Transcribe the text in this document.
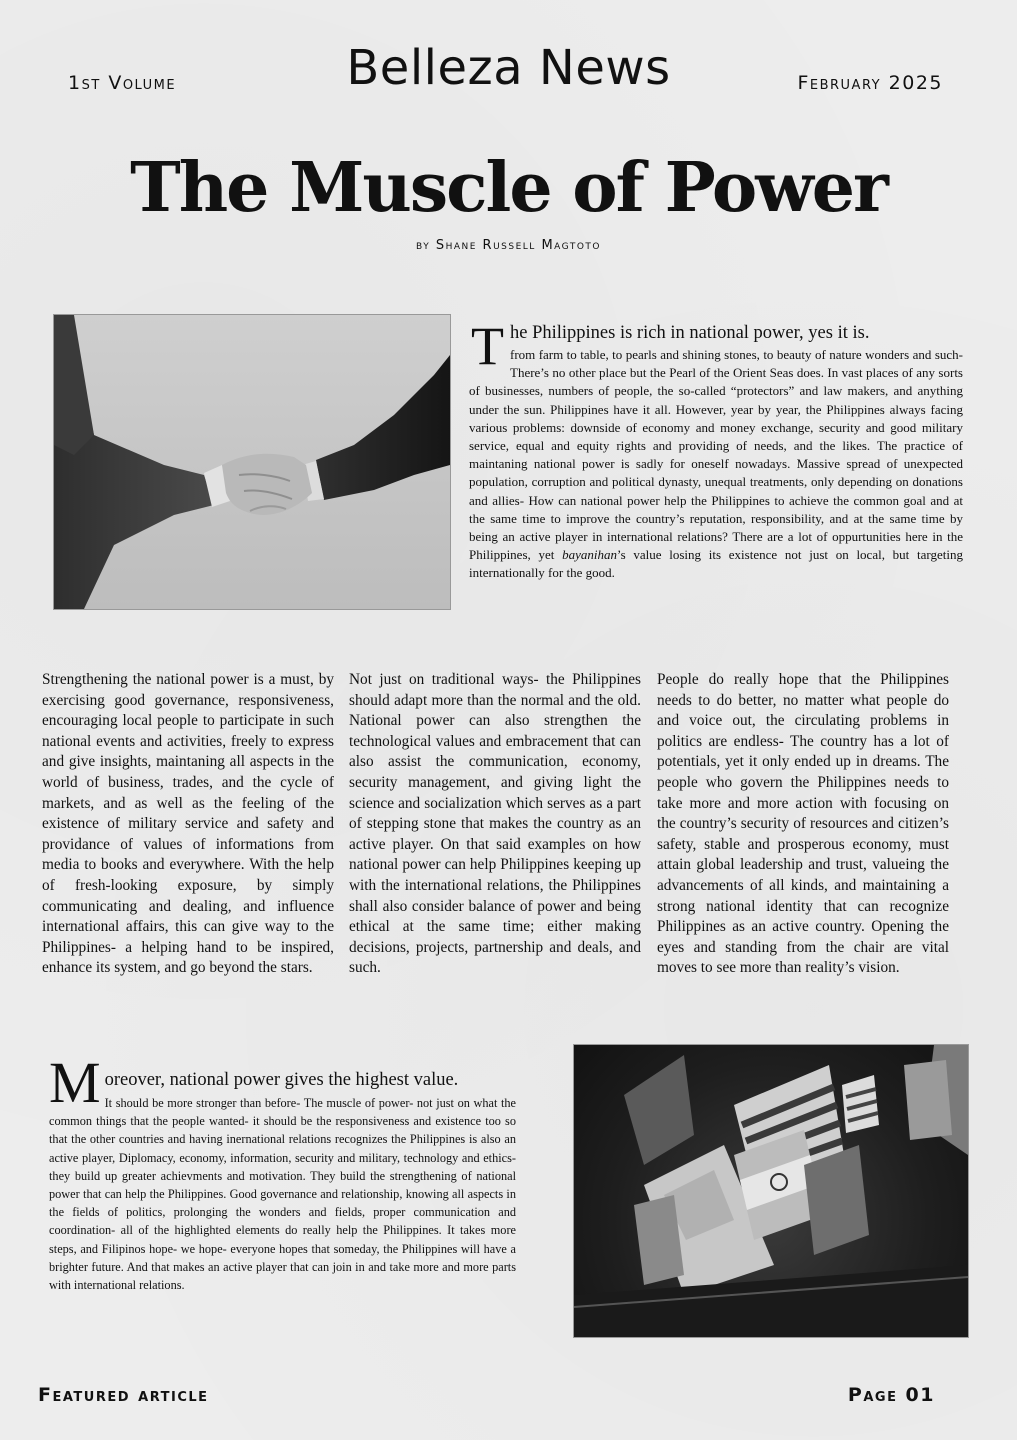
1st Volume	Belleza News	February 2025
The Muscle of Power
by Shane Russell Magtoto
T he Philippines is rich in national power, yes it is.
from farm to table, to pearls and shining stones, to beauty of nature wonders and such- There’s no other place but the Pearl of the Orient Seas does. In vast places of any sorts of businesses, numbers of people, the so-called “protectors” and law makers, and anything under the sun. Philippines have it all. However, year by year, the Philippines always facing various problems: downside of economy and money exchange, security and good military service, equal and equity rights and providing of needs, and the likes. The practice of maintaning national power is sadly for oneself nowadays. Massive spread of unexpected population, corruption and political dynasty, unequal treatments, only depending on donations and allies- How can national power help the Philippines to achieve the common goal and at the same time to improve the country’s reputation, responsibility, and at the same time by being an active player in international relations? There are a lot of oppurtunities here in the Philippines, yet bayanihan’s value losing its existence not just on local, but targeting internationally for the good.
Strengthening the national power is a must, by exercising good governance, responsiveness, encouraging local people to participate in such national events and activities, freely to express and give insights, maintaning all aspects in the world of business, trades, and the cycle of markets, and as well as the feeling of the existence of military service and safety and providance of values of informations from media to books and everywhere. With the help of fresh-looking exposure, by simply communicating and dealing, and influence international affairs, this can give way to the Philippines- a helping hand to be inspired, enhance its system, and go beyond the stars.
Not just on traditional ways- the Philippines should adapt more than the normal and the old. National power can also strengthen the technological values and embracement that can also assist the communication, economy, security management, and giving light the science and socialization which serves as a part of stepping stone that makes the country as an active player. On that said examples on how national power can help Philippines keeping up with the international relations, the Philippines shall also consider balance of power and being ethical at the same time; either making decisions, projects, partnership and deals, and such.
People do really hope that the Philippines needs to do better, no matter what people do and voice out, the circulating problems in politics are endless- The country has a lot of potentials, yet it only ended up in dreams. The people who govern the Philippines needs to take more and more action with focusing on the country’s security of resources and citizen’s safety, stable and prosperous economy, must attain global leadership and trust, valueing the advancements of all kinds, and maintaining a strong national identity that can recognize Philippines as an active country. Opening the eyes and standing from the chair are vital moves to see more than reality’s vision.
M oreover, national power gives the highest value.
It should be more stronger than before- The muscle of power- not just on what the common things that the people wanted- it should be the responsiveness and existence too so that the other countries and having inernational relations recognizes the Philippines is also an active player, Diplomacy, economy, information, security and military, technology and ethics- they build up greater achievments and motivation. They build the strengthening of national power that can help the Philippines. Good governance and relationship, knowing all aspects in the fields of politics, prolonging the wonders and fields, proper communication and coordination- all of the highlighted elements do really help the Philippines. It takes more steps, and Filipinos hope- we hope- everyone hopes that someday, the Philippines will have a brighter future. And that makes an active player that can join in and take more and more parts with international relations.
Featured article	Page 01
